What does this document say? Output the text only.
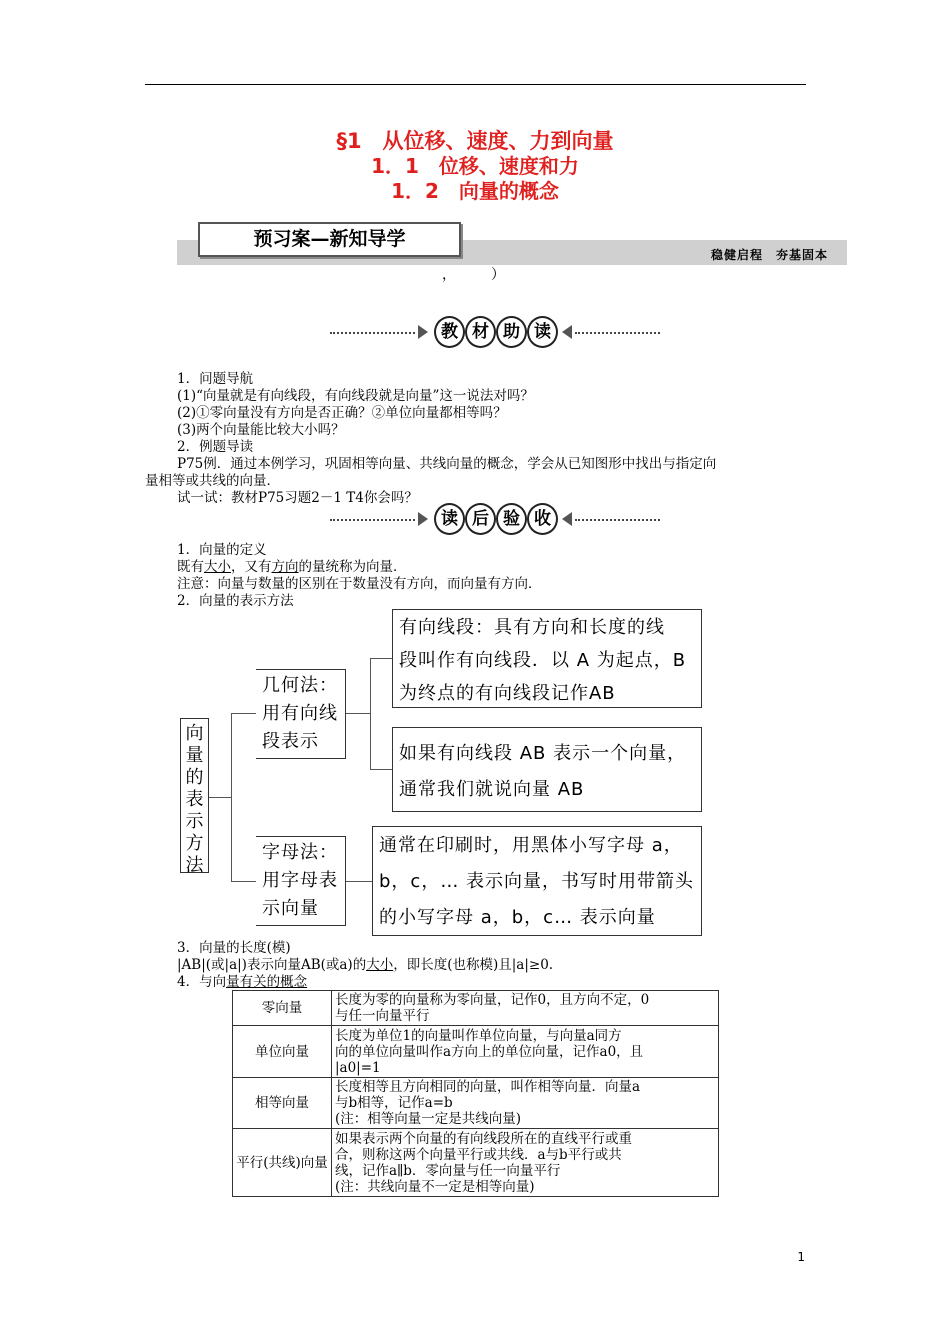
§1　从位移、速度、力到向量
1．1　位移、速度和力
1．2　向量的概念
预习案—新知导学
稳健启程　夯基固本
，　　　）
教 材 助 读
1．问题导航
(1)“向量就是有向线段，有向线段就是向量”这一说法对吗？
(2)①零向量没有方向是否正确？②单位向量都相等吗？
(3)两个向量能比较大小吗？
2．例题导读
P75例．通过本例学习，巩固相等向量、共线向量的概念，学会从已知图形中找出与指定向
量相等或共线的向量．
试一试：教材P75习题2－1 T4你会吗？
读 后 验 收
1．向量的定义
既有大小，又有方向的量统称为向量．
注意：向量与数量的区别在于数量没有方向，而向量有方向．
2．向量的表示方法
向量的表示方法
几何法：
用有向线
段表示
有向线段：具有方向和长度的线
段叫作有向线段．以 A 为起点，B
为终点的有向线段记作AB
如果有向线段 AB 表示一个向量，
通常我们就说向量 AB
字母法：
用字母表
示向量
通常在印刷时，用黑体小写字母 a，
b，c，… 表示向量，书写时用带箭头
的小写字母 a，b，c… 表示向量
3．向量的长度(模)
|AB|(或|a|)表示向量AB(或a)的大小，即长度(也称模)且|a|≥0.
4．与向量有关的概念
零向量	长度为零的向量称为零向量，记作0，且方向不定，0
与任一向量平行

单位向量	长度为单位1的向量叫作单位向量，与向量a同方
向的单位向量叫作a方向上的单位向量，记作a0，且
|a0|=1

相等向量	长度相等且方向相同的向量，叫作相等向量．向量a
与b相等，记作a=b
(注：相等向量一定是共线向量)

平行(共线)向量	如果表示两个向量的有向线段所在的直线平行或重
合，则称这两个向量平行或共线．a与b平行或共
线，记作a∥b．零向量与任一向量平行
(注：共线向量不一定是相等向量)
1
